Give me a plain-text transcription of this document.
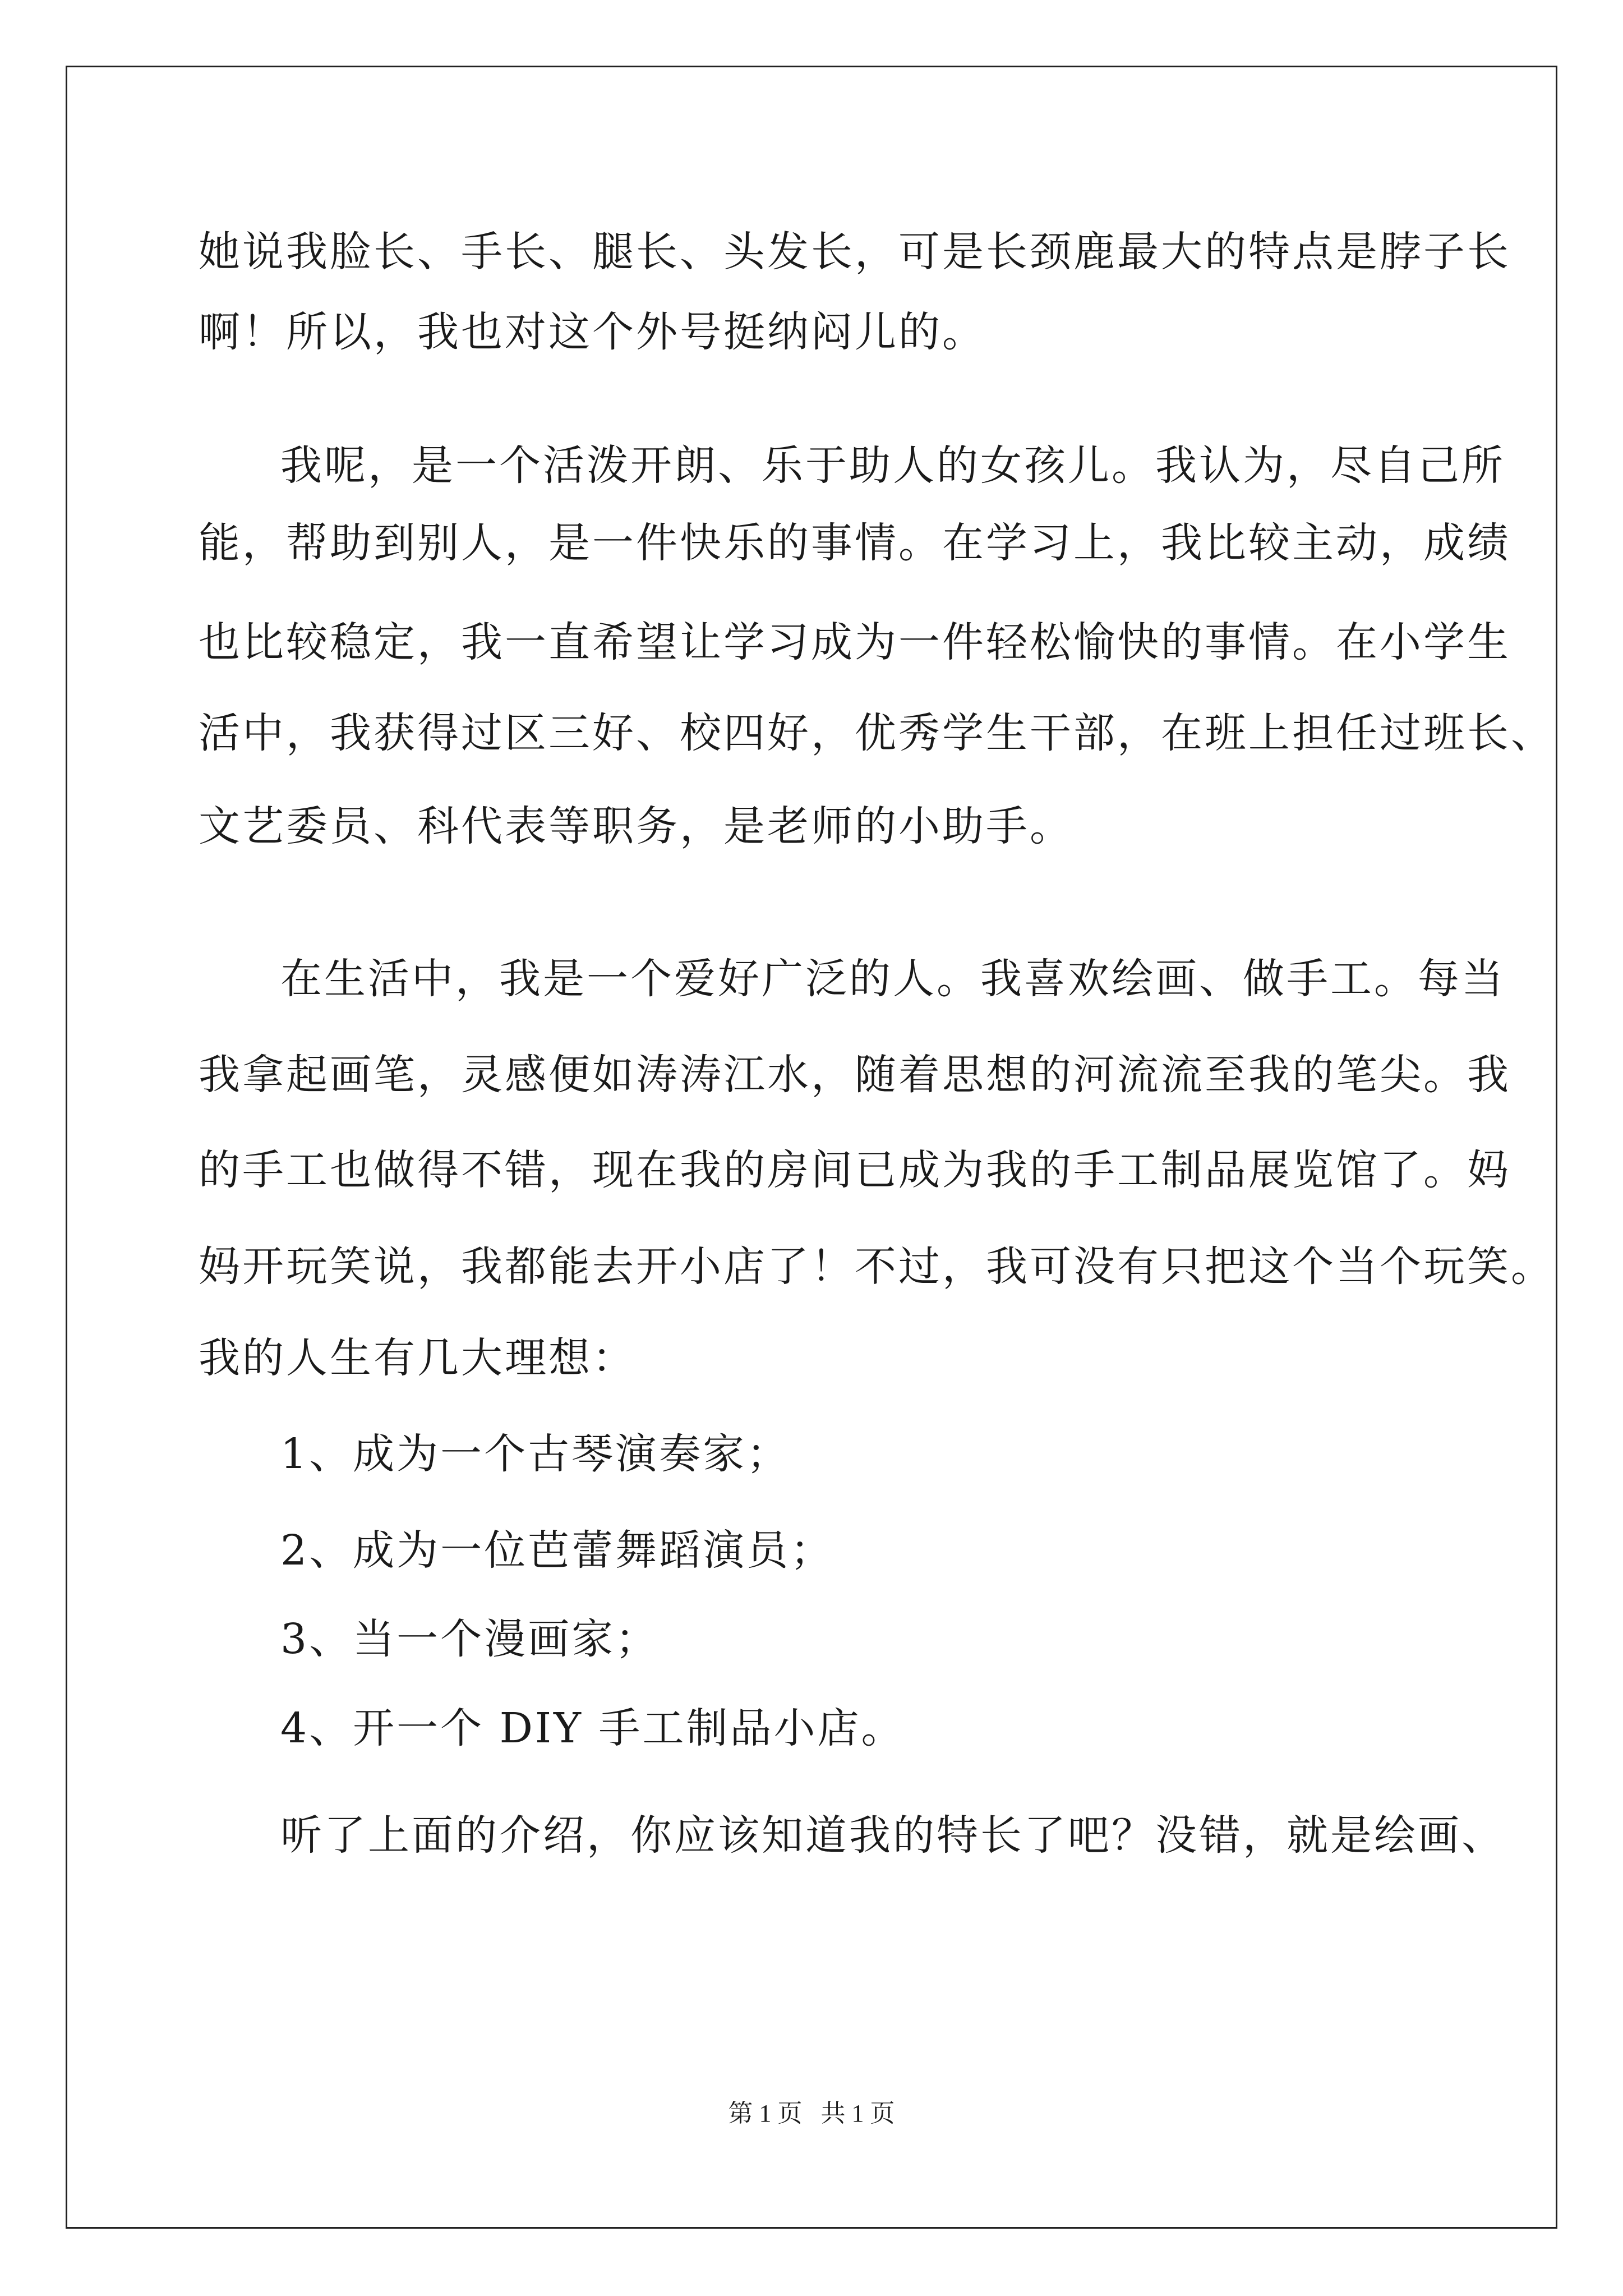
她说我脸长、手长、腿长、头发长，可是长颈鹿最大的特点是脖子长
啊！所以，我也对这个外号挺纳闷儿的。
我呢，是一个活泼开朗、乐于助人的女孩儿。我认为，尽自己所
能，帮助到别人，是一件快乐的事情。在学习上，我比较主动，成绩
也比较稳定，我一直希望让学习成为一件轻松愉快的事情。在小学生
活中，我获得过区三好、校四好，优秀学生干部，在班上担任过班长、
文艺委员、科代表等职务，是老师的小助手。
在生活中，我是一个爱好广泛的人。我喜欢绘画、做手工。每当
我拿起画笔，灵感便如涛涛江水，随着思想的河流流至我的笔尖。我
的手工也做得不错，现在我的房间已成为我的手工制品展览馆了。妈
妈开玩笑说，我都能去开小店了！不过，我可没有只把这个当个玩笑。
我的人生有几大理想：
1、成为一个古琴演奏家；
2、成为一位芭蕾舞蹈演员；
3、当一个漫画家；
4、开一个 DIY 手工制品小店。
听了上面的介绍，你应该知道我的特长了吧？没错，就是绘画、
第 1 页   共 1 页
